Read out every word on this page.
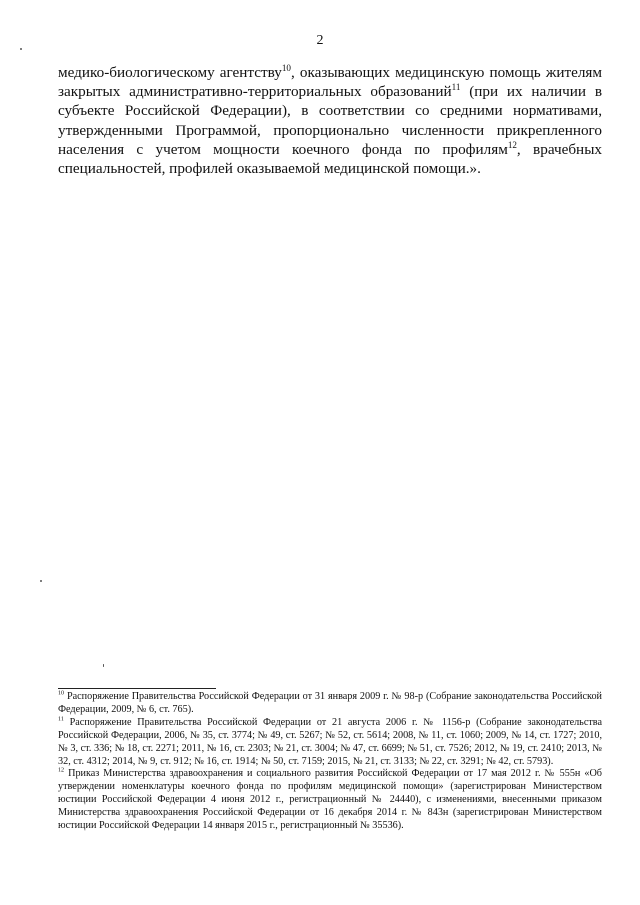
2

медико-биологическому агентству$^{10}$, оказывающих медицинскую помощь жителям закрытых административно-территориальных образований$^{11}$ (при их наличии в субъекте Российской Федерации), в соответствии со средними нормативами, утвержденными Программой, пропорционально численности прикрепленного населения с учетом мощности коечного фонда по профилям$^{12}$, врачебных специальностей, профилей оказываемой медицинской помощи.».

$^{10}$ Распоряжение Правительства Российской Федерации от 31 января 2009 г. № 98-р (Собрание законодательства Российской Федерации, 2009, № 6, ст. 765).

$^{11}$ Распоряжение Правительства Российской Федерации от 21 августа 2006 г. № 1156-р (Собрание законодательства Российской Федерации, 2006, № 35, ст. 3774; № 49, ст. 5267; № 52, ст. 5614; 2008, № 11, ст. 1060; 2009, № 14, ст. 1727; 2010, № 3, ст. 336; № 18, ст. 2271; 2011, № 16, ст. 2303; № 21, ст. 3004; № 47, ст. 6699; № 51, ст. 7526; 2012, № 19, ст. 2410; 2013, № 32, ст. 4312; 2014, № 9, ст. 912; № 16, ст. 1914; № 50, ст. 7159; 2015, № 21, ст. 3133; № 22, ст. 3291; № 42, ст. 5793).

$^{12}$ Приказ Министерства здравоохранения и социального развития Российской Федерации от 17 мая 2012 г. № 555н «Об утверждении номенклатуры коечного фонда по профилям медицинской помощи» (зарегистрирован Министерством юстиции Российской Федерации 4 июня 2012 г., регистрационный № 24440), с изменениями, внесенными приказом Министерства здравоохранения Российской Федерации от 16 декабря 2014 г. № 843н (зарегистрирован Министерством юстиции Российской Федерации 14 января 2015 г., регистрационный № 35536).
